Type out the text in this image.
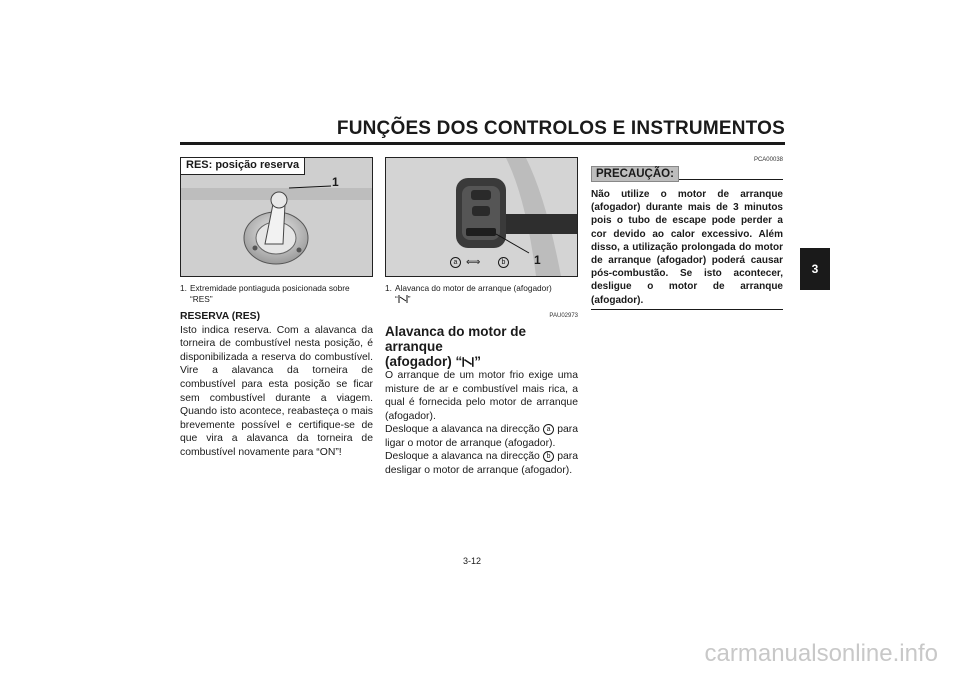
FUNÇÕES DOS CONTROLOS E INSTRUMENTOS
3
RES: posição reserva
1
1. Extremidade pontiaguda posicionada sobre
“RES”
RESERVA (RES)

Isto indica reserva. Com a alavanca da torneira de combustível nesta posição, é disponibilizada a reserva do combustível. Vire a alavanca da torneira de combustível para esta posição se ficar sem combustível durante a viagem. Quando isto acontece, reabasteça o mais brevemente possível e certifique-se de que vira a alavanca da torneira de combustível novamente para “ON”!

a ⟺	b 1
1. Alavanca do motor de arranque (afogador)
“ ”
PAU02973
Alavanca do motor de arranque
(afogador) “ ”

O arranque de um motor frio exige uma misture de ar e combustível mais rica, a qual é fornecida pelo motor de arranque (afogador).

Desloque a alavanca na direcção a para ligar o motor de arranque (afogador).

Desloque a alavanca na direcção b para desligar o motor de arranque (afogador).

PCA00038
PRECAUÇÃO:
Não utilize o motor de arranque (afogador) durante mais de 3 minutos pois o tubo de escape pode perder a cor devido ao calor excessivo. Além disso, a utilização prolongada do motor de arranque (afogador) poderá causar pós-combustão. Se isto acontecer, desligue o motor de arranque (afogador).
3-12
carmanualsonline.info
